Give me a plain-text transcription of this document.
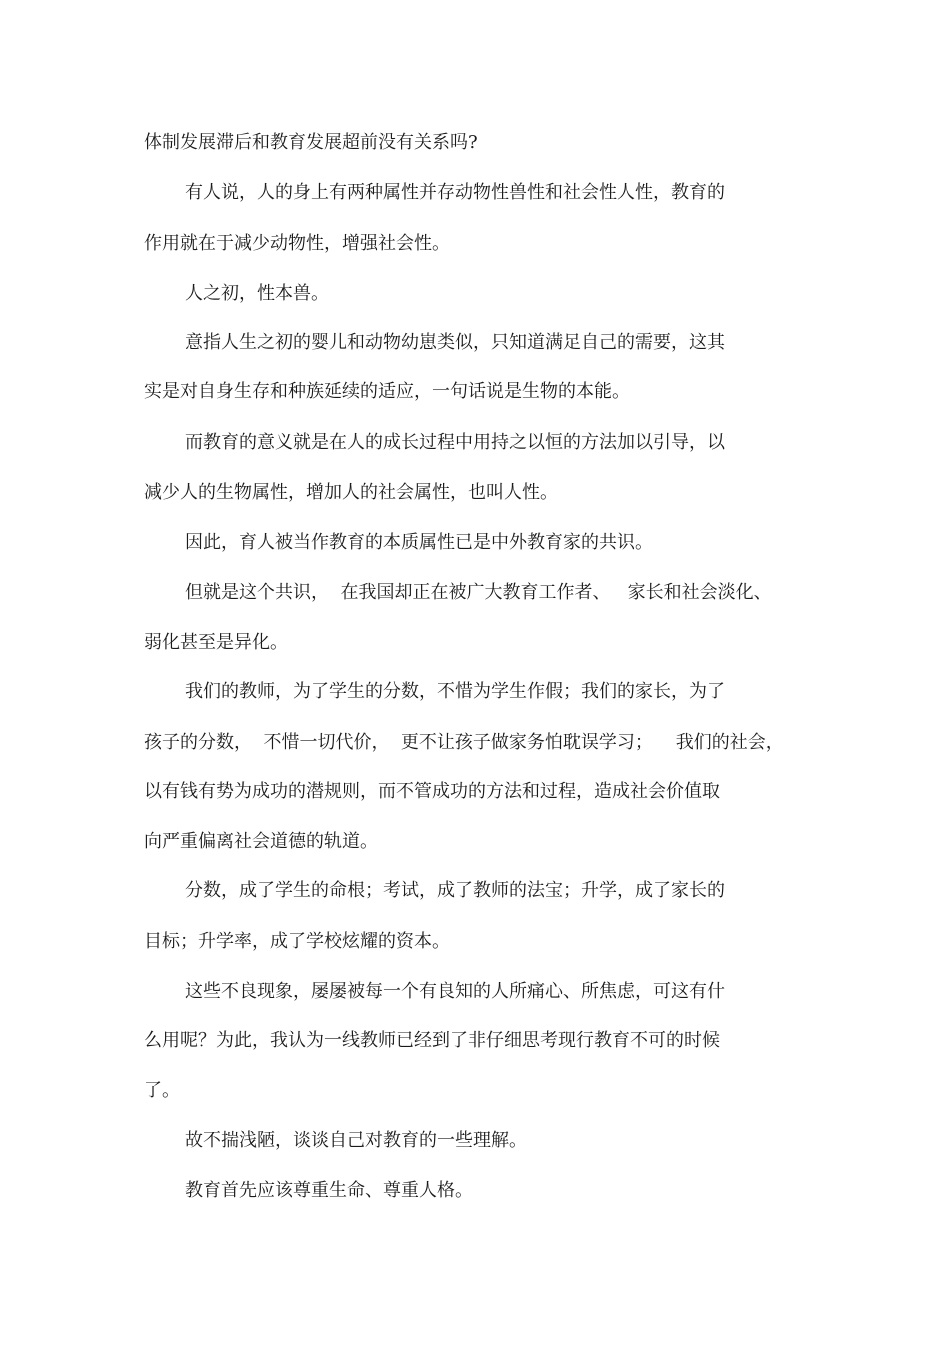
体制发展滞后和教育发展超前没有关系吗?
有人说，人的身上有两种属性并存动物性兽性和社会性人性，教育的
作用就在于减少动物性，增强社会性。
人之初，性本兽。
意指人生之初的婴儿和动物幼崽类似，只知道满足自己的需要，这其
实是对自身生存和种族延续的适应，一句话说是生物的本能。
而教育的意义就是在人的成长过程中用持之以恒的方法加以引导，以
减少人的生物属性，增加人的社会属性，也叫人性。
因此，育人被当作教育的本质属性已是中外教育家的共识。
但就是这个共识，  在我国却正在被广大教育工作者、   家长和社会淡化、
弱化甚至是异化。
我们的教师，为了学生的分数，不惜为学生作假；我们的家长，为了
孩子的分数，  不惜一切代价，  更不让孩子做家务怕耽误学习；    我们的社会，
以有钱有势为成功的潜规则，而不管成功的方法和过程，造成社会价值取
向严重偏离社会道德的轨道。
分数，成了学生的命根；考试，成了教师的法宝；升学，成了家长的
目标；升学率，成了学校炫耀的资本。
这些不良现象，屡屡被每一个有良知的人所痛心、所焦虑，可这有什
么用呢？为此，我认为一线教师已经到了非仔细思考现行教育不可的时候
了。
故不揣浅陋，谈谈自己对教育的一些理解。
教育首先应该尊重生命、尊重人格。
